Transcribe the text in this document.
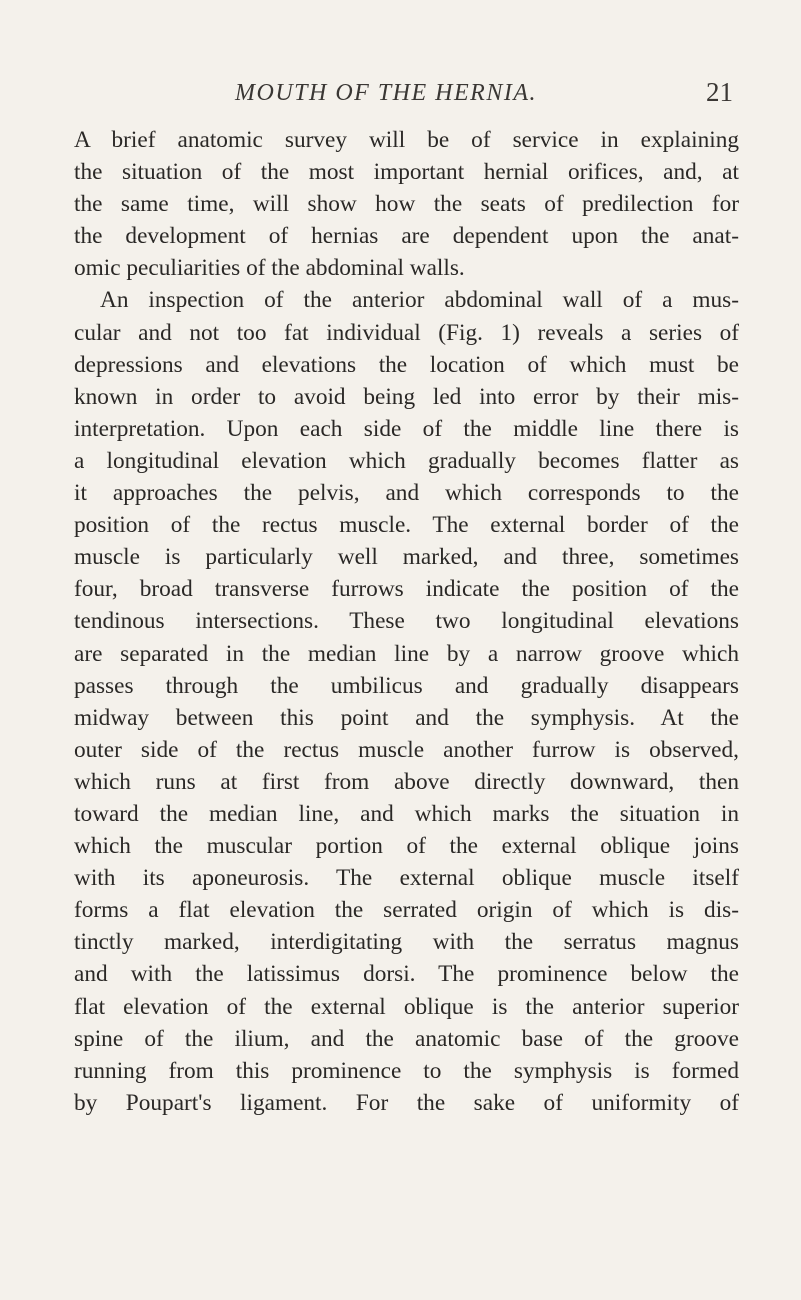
MOUTH OF THE HERNIA.	21
A brief anatomic survey will be of service in explaining
the situation of the most important hernial orifices, and, at
the same time, will show how the seats of predilection for
the development of hernias are dependent upon the anat-
omic peculiarities of the abdominal walls.
An inspection of the anterior abdominal wall of a mus-
cular and not too fat individual (Fig. 1) reveals a series of
depressions and elevations the location of which must be
known in order to avoid being led into error by their mis-
interpretation. Upon each side of the middle line there is
a longitudinal elevation which gradually becomes flatter as
it approaches the pelvis, and which corresponds to the
position of the rectus muscle. The external border of the
muscle is particularly well marked, and three, sometimes
four, broad transverse furrows indicate the position of the
tendinous intersections. These two longitudinal elevations
are separated in the median line by a narrow groove which
passes through the umbilicus and gradually disappears
midway between this point and the symphysis. At the
outer side of the rectus muscle another furrow is observed,
which runs at first from above directly downward, then
toward the median line, and which marks the situation in
which the muscular portion of the external oblique joins
with its aponeurosis. The external oblique muscle itself
forms a flat elevation the serrated origin of which is dis-
tinctly marked, interdigitating with the serratus magnus
and with the latissimus dorsi. The prominence below the
flat elevation of the external oblique is the anterior superior
spine of the ilium, and the anatomic base of the groove
running from this prominence to the symphysis is formed
by Poupart's ligament. For the sake of uniformity of
